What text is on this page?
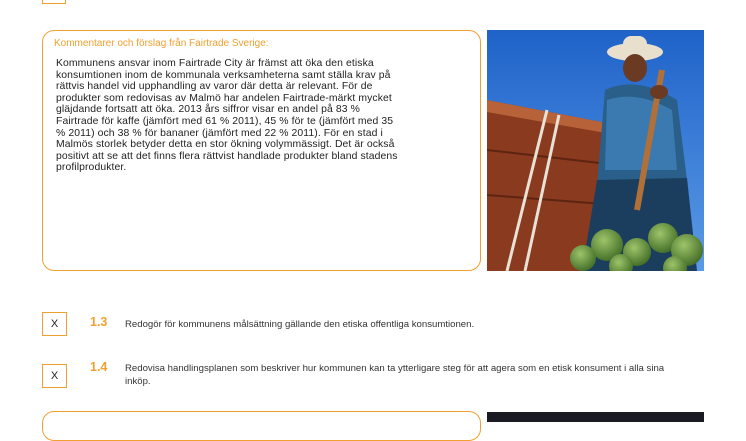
Kommentarer och förslag från Fairtrade Sverige:
Kommunens ansvar inom Fairtrade City är främst att öka den etiska
konsumtionen inom de kommunala verksamheterna samt ställa krav på
rättvis handel vid upphandling av varor där detta är relevant. För de
produkter som redovisas av Malmö har andelen Fairtrade-märkt mycket
gläjdande fortsatt att öka. 2013 års siffror visar en andel på 83 %
Fairtrade för kaffe (jämfört med 61 % 2011), 45 % för te (jämfört med 35
% 2011) och 38 % för bananer (jämfört med 22 % 2011). För en stad i
Malmös storlek betyder detta en stor ökning volymmässigt. Det är också
positivt att se att det finns flera rättvist handlade produkter bland stadens
profilprodukter.
X	1.3 Redogör för kommunens målsättning gällande den etiska offentliga konsumtionen.
X
1.4 Redovisa handlingsplanen som beskriver hur kommunen kan ta ytterligare steg för att agera som en etisk konsument i alla sina inköp.
